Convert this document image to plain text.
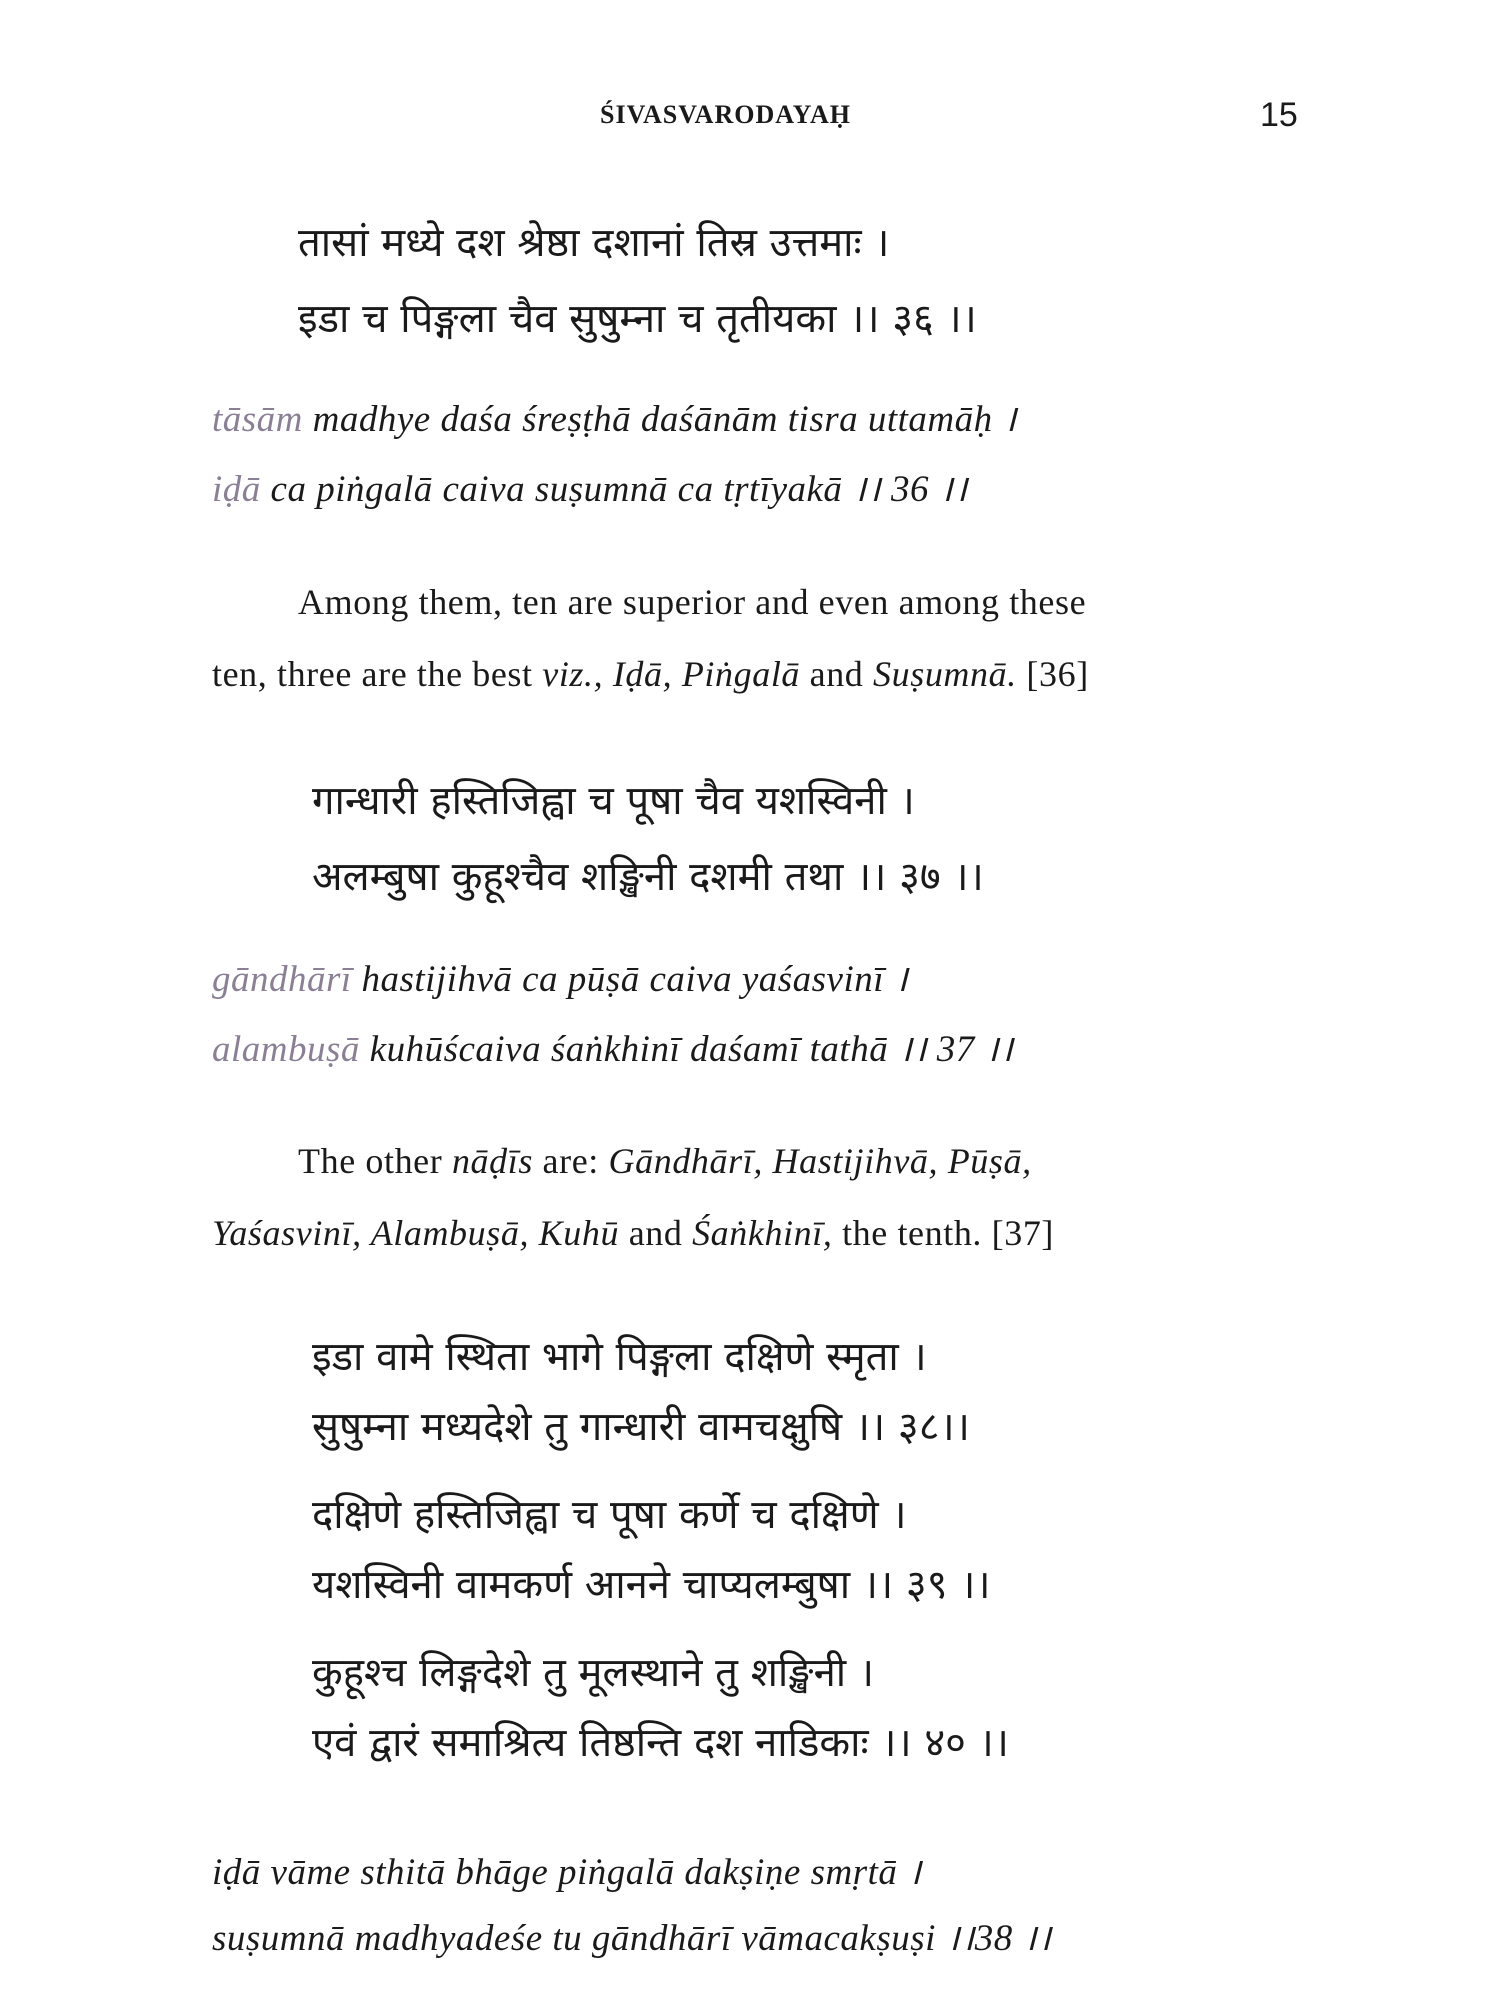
ŚIVASVARODAYAḤ	15
तासां मध्ये दश श्रेष्ठा दशानां तिस्र उत्तमाः ।
इडा च पिङ्गला चैव सुषुम्ना च तृतीयका ।। ३६ ।।
tāsām madhye daśa śreṣṭhā daśānām tisra uttamāḥ ।
iḍā ca piṅgalā caiva suṣumnā ca tṛtīyakā ।। 36 ।।
Among them, ten are superior and even among these
ten, three are the best viz., Iḍā, Piṅgalā and Suṣumnā. [36]
गान्धारी हस्तिजिह्वा च पूषा चैव यशस्विनी ।
अलम्बुषा कुहूश्चैव शङ्खिनी दशमी तथा ।। ३७ ।।
gāndhārī hastijihvā ca pūṣā caiva yaśasvinī ।
alambuṣā kuhūścaiva śaṅkhinī daśamī tathā ।। 37 ।।
The other nāḍīs are: Gāndhārī, Hastijihvā, Pūṣā,
Yaśasvinī, Alambuṣā, Kuhū and Śaṅkhinī, the tenth. [37]
इडा वामे स्थिता भागे पिङ्गला दक्षिणे स्मृता ।
सुषुम्ना मध्यदेशे तु गान्धारी वामचक्षुषि ।। ३८।।
दक्षिणे हस्तिजिह्वा च पूषा कर्णे च दक्षिणे ।
यशस्विनी वामकर्ण आनने चाप्यलम्बुषा ।। ३९ ।।
कुहूश्च लिङ्गदेशे तु मूलस्थाने तु शङ्खिनी ।
एवं द्वारं समाश्रित्य तिष्ठन्ति दश नाडिकाः ।। ४० ।।
iḍā vāme sthitā bhāge piṅgalā dakṣiṇe smṛtā ।
suṣumnā madhyadeśe tu gāndhārī vāmacakṣuṣi ।।38 ।।
